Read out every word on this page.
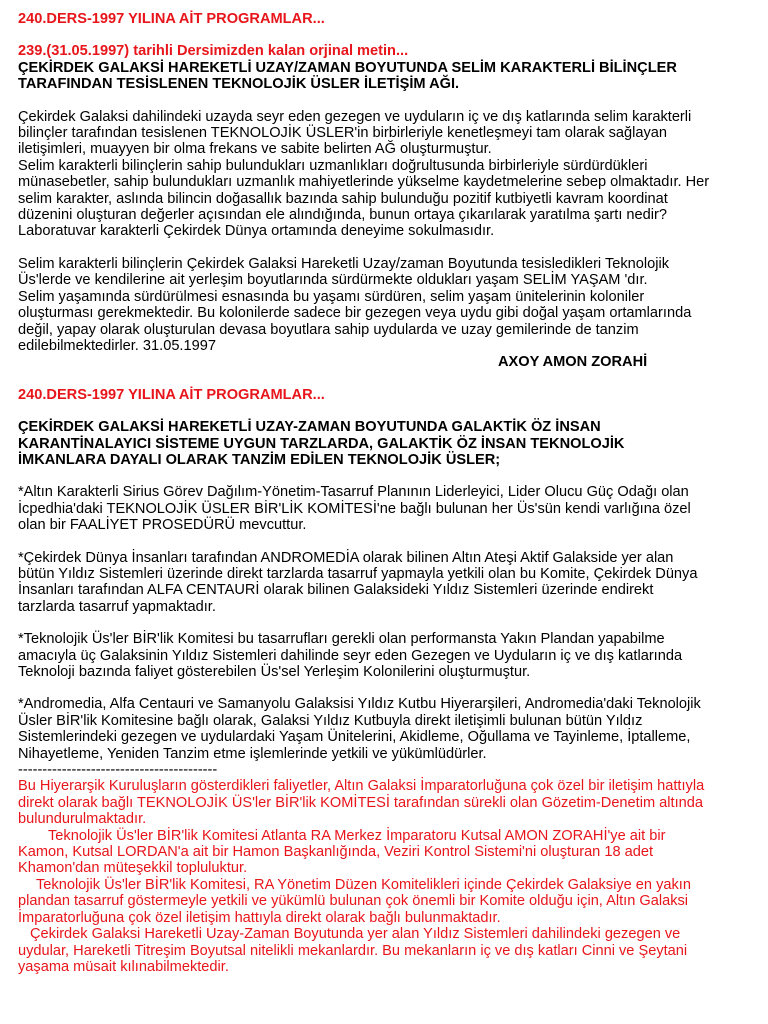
240.DERS-1997 YILINA AİT PROGRAMLAR...

239.(31.05.1997) tarihli Dersimizden kalan orjinal metin...

ÇEKİRDEK GALAKSİ HAREKETLİ UZAY/ZAMAN BOYUTUNDA SELİM KARAKTERLİ BİLİNÇLER

TARAFINDAN TESİSLENEN TEKNOLOJİK ÜSLER İLETİŞİM AĞI.

Çekirdek Galaksi dahilindeki uzayda seyr eden gezegen ve uyduların iç ve dış katlarında selim karakterli

bilinçler tarafından tesislenen TEKNOLOJİK ÜSLER'in birbirleriyle kenetleşmeyi tam olarak sağlayan

iletişimleri, muayyen bir olma frekans ve sabite belirten AĞ oluşturmuştur.

Selim karakterli bilinçlerin sahip bulundukları uzmanlıkları doğrultusunda birbirleriyle sürdürdükleri

münasebetler, sahip bulundukları uzmanlık mahiyetlerinde yükselme kaydetmelerine sebep olmaktadır. Her

selim karakter, aslında bilincin doğasallık bazında sahip bulunduğu pozitif kutbiyetli kavram koordinat

düzenini oluşturan değerler açısından ele alındığında, bunun ortaya çıkarılarak yaratılma şartı nedir?

Laboratuvar karakterli Çekirdek Dünya ortamında deneyime sokulmasıdır.

Selim karakterli bilinçlerin Çekirdek Galaksi Hareketli Uzay/zaman Boyutunda tesisledikleri Teknolojik

Üs'lerde ve kendilerine ait yerleşim boyutlarında sürdürmekte oldukları yaşam SELİM YAŞAM 'dır.

Selim yaşamında sürdürülmesi esnasında bu yaşamı sürdüren, selim yaşam ünitelerinin koloniler

oluşturması gerekmektedir. Bu kolonilerde sadece bir gezegen veya uydu gibi doğal yaşam ortamlarında

değil, yapay olarak oluşturulan devasa boyutlara sahip uydularda ve uzay gemilerinde de tanzim

edilebilmektedirler. 31.05.1997

AXOY AMON ZORAHİ

240.DERS-1997 YILINA AİT PROGRAMLAR...

ÇEKİRDEK GALAKSİ HAREKETLİ UZAY-ZAMAN BOYUTUNDA GALAKTİK ÖZ İNSAN

KARANTİNALAYICI SİSTEME UYGUN TARZLARDA, GALAKTİK ÖZ İNSAN TEKNOLOJİK

İMKANLARA DAYALI OLARAK TANZİM EDİLEN TEKNOLOJİK ÜSLER;

*Altın Karakterli Sirius Görev Dağılım-Yönetim-Tasarruf Planının Liderleyici, Lider Olucu Güç Odağı olan

İcpedhia'daki TEKNOLOJİK ÜSLER BİR'LİK KOMİTESİ'ne bağlı bulunan her Üs'sün kendi varlığına özel

olan bir FAALİYET PROSEDÜRÜ mevcuttur.

*Çekirdek Dünya İnsanları tarafından ANDROMEDİA olarak bilinen Altın Ateşi Aktif Galakside yer alan

bütün Yıldız Sistemleri üzerinde direkt tarzlarda tasarruf yapmayla yetkili olan bu Komite, Çekirdek Dünya

İnsanları tarafından ALFA CENTAURİ olarak bilinen Galaksideki Yıldız Sistemleri üzerinde endirekt

tarzlarda tasarruf yapmaktadır.

*Teknolojik Üs'ler BİR'lik Komitesi bu tasarrufları gerekli olan performansta Yakın Plandan yapabilme

amacıyla üç Galaksinin Yıldız Sistemleri dahilinde seyr eden Gezegen ve Uyduların iç ve dış katlarında

Teknoloji bazında faliyet gösterebilen Üs'sel Yerleşim Kolonilerini oluşturmuştur.

*Andromedia, Alfa Centauri ve Samanyolu Galaksisi Yıldız Kutbu Hiyerarşileri, Andromedia'daki Teknolojik

Üsler BİR'lik Komitesine bağlı olarak, Galaksi Yıldız Kutbuyla direkt iletişimli bulunan bütün Yıldız

Sistemlerindeki gezegen ve uydulardaki Yaşam Ünitelerini, Akidleme, Oğullama ve Tayinleme, İptalleme,

Nihayetleme, Yeniden Tanzim etme işlemlerinde yetkili ve yükümlüdürler.

-----------------------------------------

Bu Hiyerarşik Kuruluşların gösterdikleri faliyetler, Altın Galaksi İmparatorluğuna çok özel bir iletişim hattıyla

direkt olarak bağlı TEKNOLOJİK ÜS'ler BİR'lik KOMİTESİ tarafından sürekli olan Gözetim-Denetim altında

bulundurulmaktadır.

Teknolojik Üs'ler BİR'lik Komitesi Atlanta RA Merkez İmparatoru Kutsal AMON ZORAHİ'ye ait bir

Kamon, Kutsal LORDAN'a ait bir Hamon Başkanlığında, Veziri Kontrol Sistemi'ni oluşturan 18 adet

Khamon'dan müteşekkil topluluktur.

Teknolojik Üs'ler BİR'lik Komitesi, RA Yönetim Düzen Komitelikleri içinde Çekirdek Galaksiye en yakın

plandan tasarruf göstermeyle yetkili ve yükümlü bulunan çok önemli bir Komite olduğu için, Altın Galaksi

İmparatorluğuna çok özel iletişim hattıyla direkt olarak bağlı bulunmaktadır.

Çekirdek Galaksi Hareketli Uzay-Zaman Boyutunda yer alan Yıldız Sistemleri dahilindeki gezegen ve

uydular, Hareketli Titreşim Boyutsal nitelikli mekanlardır. Bu mekanların iç ve dış katları Cinni ve Şeytani

yaşama müsait kılınabilmektedir.
